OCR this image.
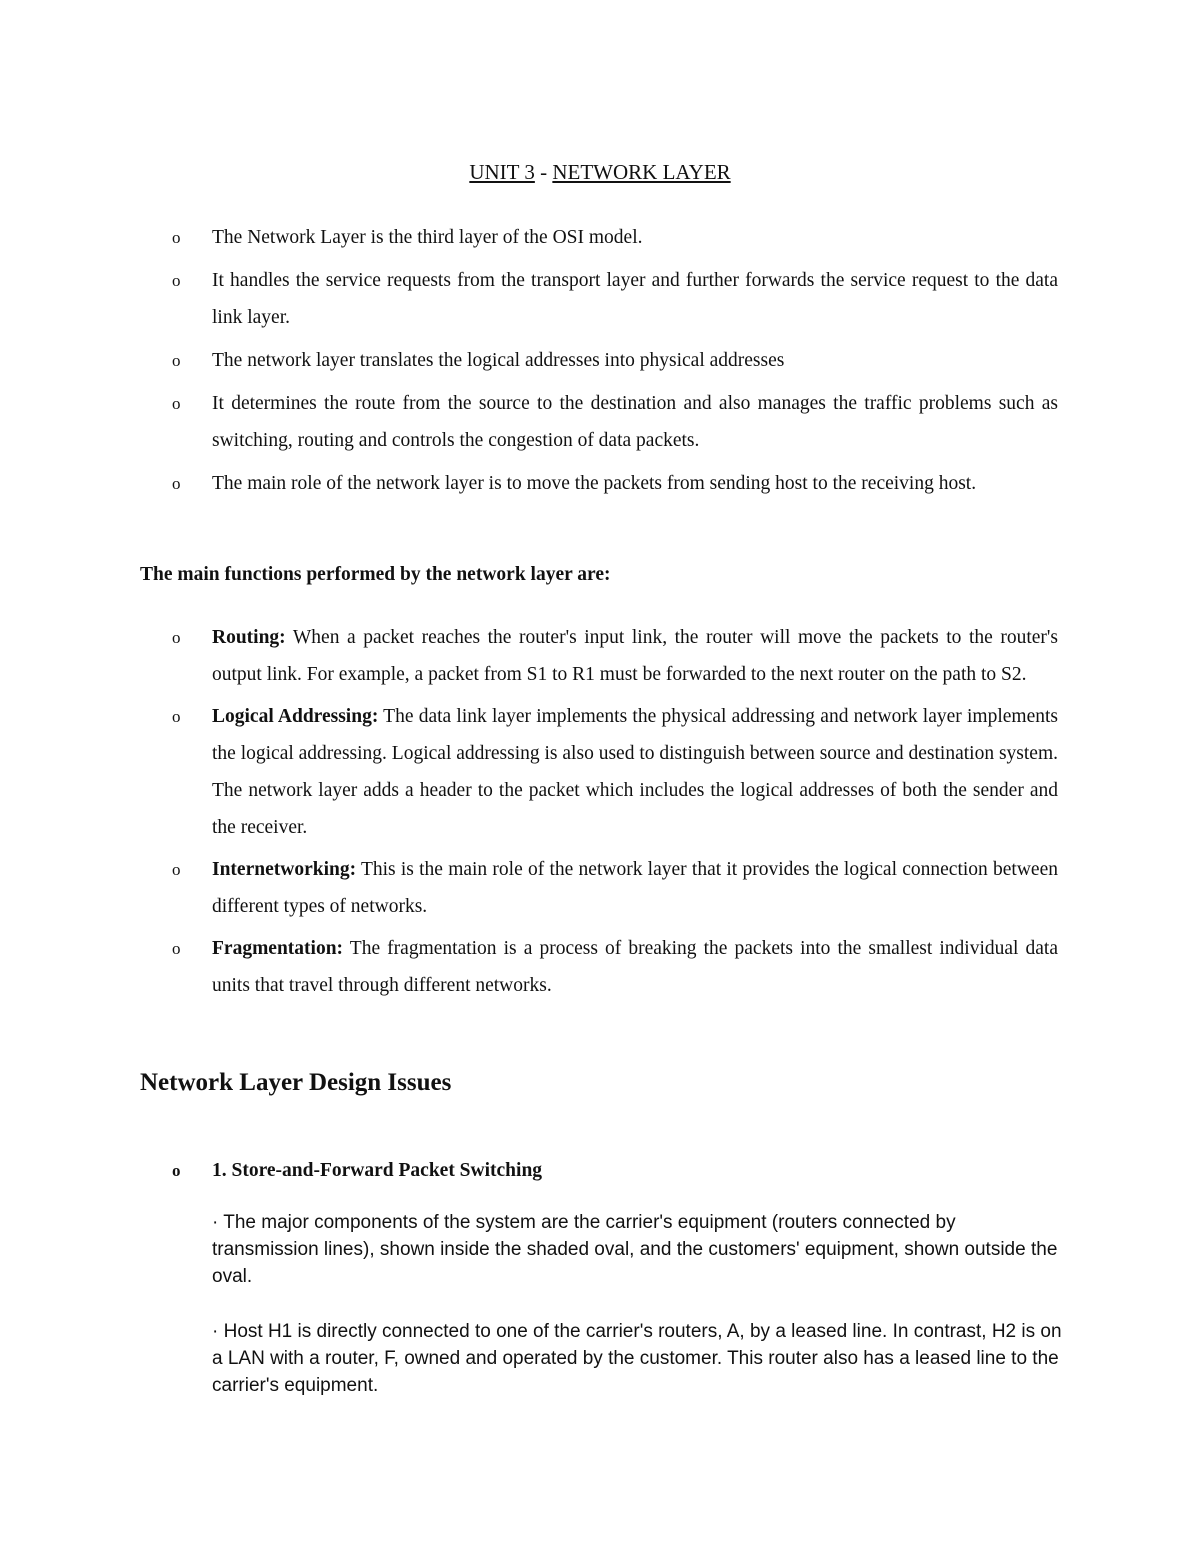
UNIT 3 - NETWORK LAYER
o The Network Layer is the third layer of the OSI model.
o It handles the service requests from the transport layer and further forwards the service request to the data link layer.
o The network layer translates the logical addresses into physical addresses
o It determines the route from the source to the destination and also manages the traffic problems such as switching, routing and controls the congestion of data packets.
o The main role of the network layer is to move the packets from sending host to the receiving host.
The main functions performed by the network layer are:
o Routing: When a packet reaches the router's input link, the router will move the packets to the router's output link. For example, a packet from S1 to R1 must be forwarded to the next router on the path to S2.
o Logical Addressing: The data link layer implements the physical addressing and network layer implements the logical addressing. Logical addressing is also used to distinguish between source and destination system. The network layer adds a header to the packet which includes the logical addresses of both the sender and the receiver.
o Internetworking: This is the main role of the network layer that it provides the logical connection between different types of networks.
o Fragmentation: The fragmentation is a process of breaking the packets into the smallest individual data units that travel through different networks.
Network Layer Design Issues
o 1. Store-and-Forward Packet Switching

· The major components of the system are the carrier's equipment (routers connected by transmission lines), shown inside the shaded oval, and the customers' equipment, shown outside the oval.

· Host H1 is directly connected to one of the carrier's routers, A, by a leased line. In contrast, H2 is on a LAN with a router, F, owned and operated by the customer. This router also has a leased line to the carrier's equipment.
